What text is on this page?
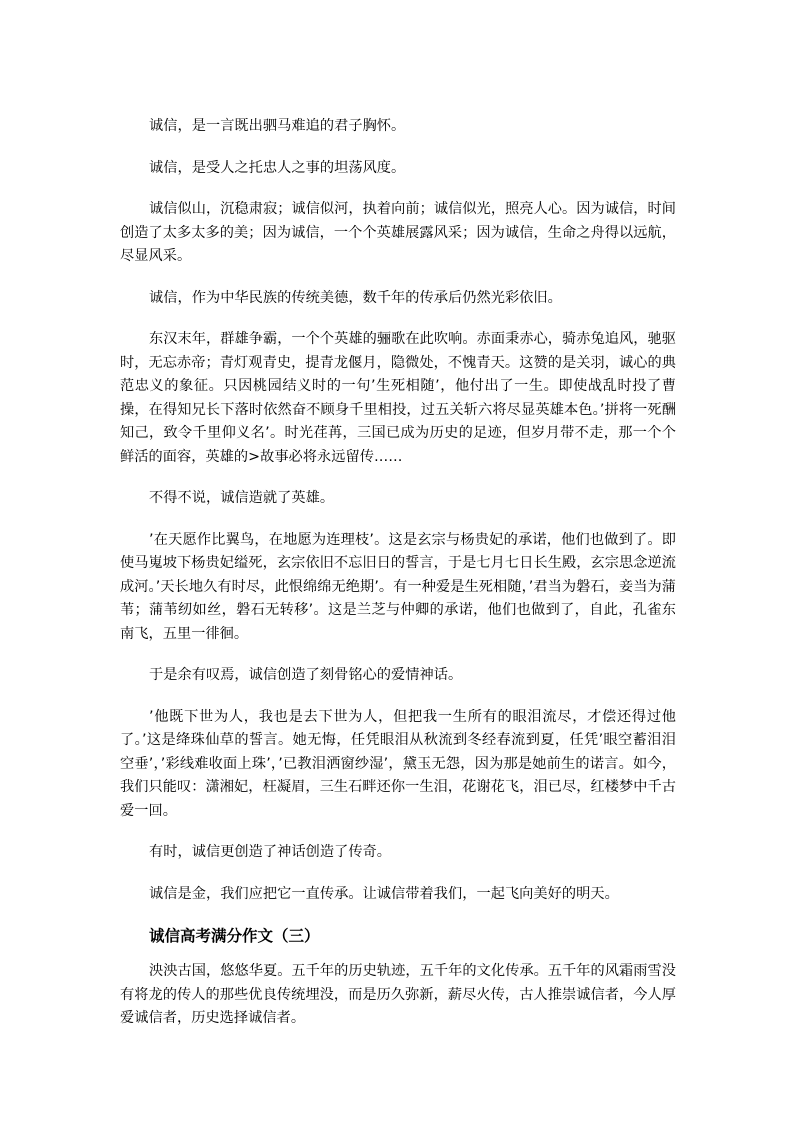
诚信，是一言既出驷马难追的君子胸怀。

诚信，是受人之托忠人之事的坦荡风度。

诚信似山，沉稳肃寂；诚信似河，执着向前；诚信似光，照亮人心。因为诚信，时间创造了太多太多的美；因为诚信，一个个英雄展露风采；因为诚信，生命之舟得以远航，尽显风采。

诚信，作为中华民族的传统美德，数千年的传承后仍然光彩依旧。

东汉末年，群雄争霸，一个个英雄的骊歌在此吹响。赤面秉赤心，骑赤兔追风，驰驱时，无忘赤帝；青灯观青史，提青龙偃月，隐微处，不愧青天。这赞的是关羽，诚心的典范忠义的象征。只因桃园结义时的一句’生死相随’，他付出了一生。即使战乱时投了曹操，在得知兄长下落时依然奋不顾身千里相投，过五关斩六将尽显英雄本色。’拼将一死酬知己，致令千里仰义名’。时光荏苒，三国已成为历史的足迹，但岁月带不走，那一个个鲜活的面容，英雄的>故事必将永远留传……

不得不说，诚信造就了英雄。

’在天愿作比翼鸟，在地愿为连理枝’。这是玄宗与杨贵妃的承诺，他们也做到了。即使马嵬坡下杨贵妃缢死，玄宗依旧不忘旧日的誓言，于是七月七日长生殿，玄宗思念逆流成河。’天长地久有时尽，此恨绵绵无绝期’。有一种爱是生死相随，’君当为磐石，妾当为蒲苇；蒲苇纫如丝，磐石无转移’。这是兰芝与仲卿的承诺，他们也做到了，自此，孔雀东南飞，五里一徘徊。

于是余有叹焉，诚信创造了刻骨铭心的爱情神话。

’他既下世为人，我也是去下世为人，但把我一生所有的眼泪流尽，才偿还得过他了。’这是绛珠仙草的誓言。她无悔，任凭眼泪从秋流到冬经春流到夏，任凭’眼空蓄泪泪空垂’，’彩线难收面上珠’，’已教泪洒窗纱湿’，黛玉无怨，因为那是她前生的诺言。如今，我们只能叹：潇湘妃，枉凝眉，三生石畔还你一生泪，花谢花飞，泪已尽，红楼梦中千古爱一回。

有时，诚信更创造了神话创造了传奇。

诚信是金，我们应把它一直传承。让诚信带着我们，一起飞向美好的明天。

诚信高考满分作文（三）

泱泱古国，悠悠华夏。五千年的历史轨迹，五千年的文化传承。五千年的风霜雨雪没有将龙的传人的那些优良传统埋没，而是历久弥新，薪尽火传，古人推崇诚信者，今人厚爱诚信者，历史选择诚信者。
